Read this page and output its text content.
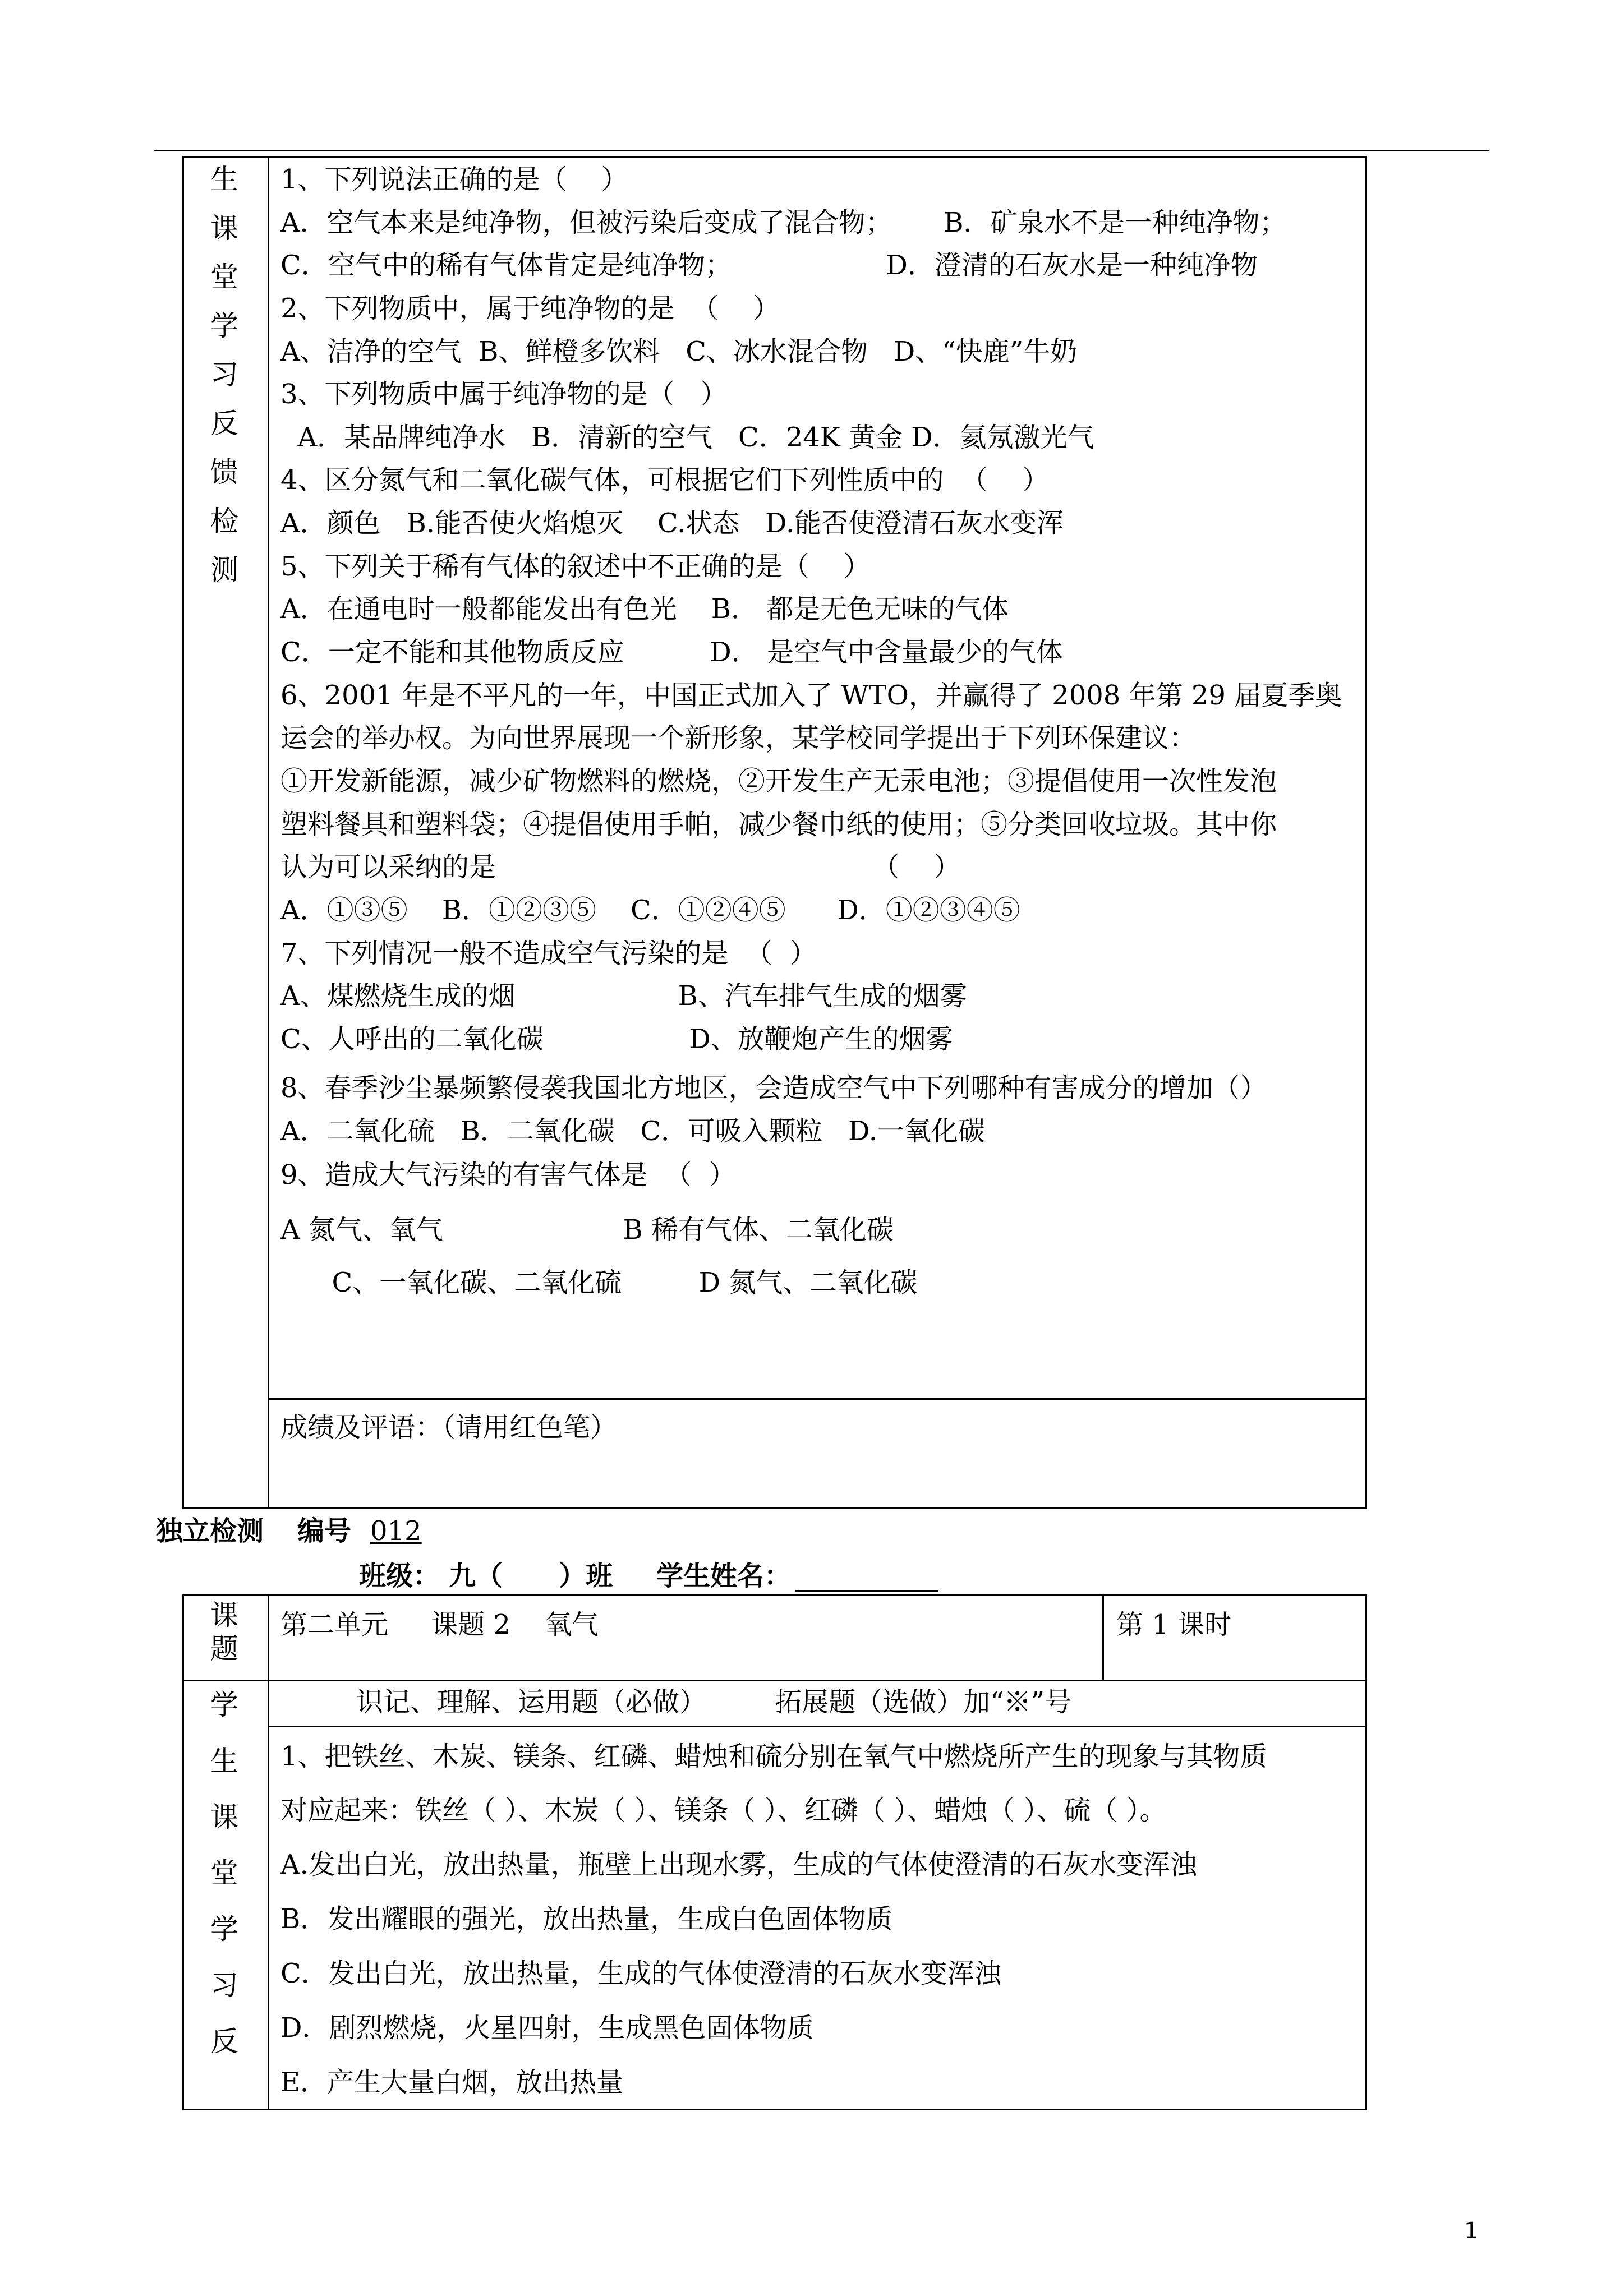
生
课
堂
学
习
反
馈
检
测
1、下列说法正确的是（    ）
A．空气本来是纯净物，但被污染后变成了混合物；      B．矿泉水不是一种纯净物；
C．空气中的稀有气体肯定是纯净物；                  D．澄清的石灰水是一种纯净物
2、下列物质中，属于纯净物的是  （    ）
A、洁净的空气  B、鲜橙多饮料   C、冰水混合物   D、“快鹿”牛奶
3、下列物质中属于纯净物的是（   ）
A．某品牌纯净水   B．清新的空气   C．24K 黄金 D．氦氖激光气
4、区分氮气和二氧化碳气体，可根据它们下列性质中的  （    ）
A．颜色   B.能否使火焰熄灭    C.状态   D.能否使澄清石灰水变浑
5、下列关于稀有气体的叙述中不正确的是（    ）
A．在通电时一般都能发出有色光    B． 都是无色无味的气体
C．一定不能和其他物质反应          D． 是空气中含量最少的气体
6、2001 年是不平凡的一年，中国正式加入了 WTO，并赢得了 2008 年第 29 届夏季奥
运会的举办权。为向世界展现一个新形象，某学校同学提出于下列环保建议：
①开发新能源，减少矿物燃料的燃烧，②开发生产无汞电池；③提倡使用一次性发泡
塑料餐具和塑料袋；④提倡使用手帕，减少餐巾纸的使用；⑤分类回收垃圾。其中你
认为可以采纳的是                                            （    ）
A．①③⑤    B．①②③⑤    C．①②④⑤      D．①②③④⑤
7、下列情况一般不造成空气污染的是  （  ）
A、煤燃烧生成的烟                   B、汽车排气生成的烟雾
C、人呼出的二氧化碳                 D、放鞭炮产生的烟雾
8、春季沙尘暴频繁侵袭我国北方地区，会造成空气中下列哪种有害成分的增加（）
A．二氧化硫   B．二氧化碳   C．可吸入颗粒   D.一氧化碳
9、造成大气污染的有害气体是  （  ）
A 氮气、氧气                     B 稀有气体、二氧化碳
C、一氧化碳、二氧化硫         D 氮气、二氧化碳
成绩及评语：（请用红色笔）
独立检测 编号 012
班级： 九（      ）班 学生姓名：
课
题
第二单元     课题 2    氧气	第 1 课时
识记、理解、运用题（必做）        拓展题（选做）加“※”号
学
生
课
堂
学
习
反
1、把铁丝、木炭、镁条、红磷、蜡烛和硫分别在氧气中燃烧所产生的现象与其物质
对应起来：铁丝（ ）、木炭（ ）、镁条（ ）、红磷（ ）、蜡烛（ ）、硫（ ）。
A.发出白光，放出热量，瓶壁上出现水雾，生成的气体使澄清的石灰水变浑浊
B．发出耀眼的强光，放出热量，生成白色固体物质
C．发出白光，放出热量，生成的气体使澄清的石灰水变浑浊
D．剧烈燃烧，火星四射，生成黑色固体物质
E．产生大量白烟，放出热量
1
